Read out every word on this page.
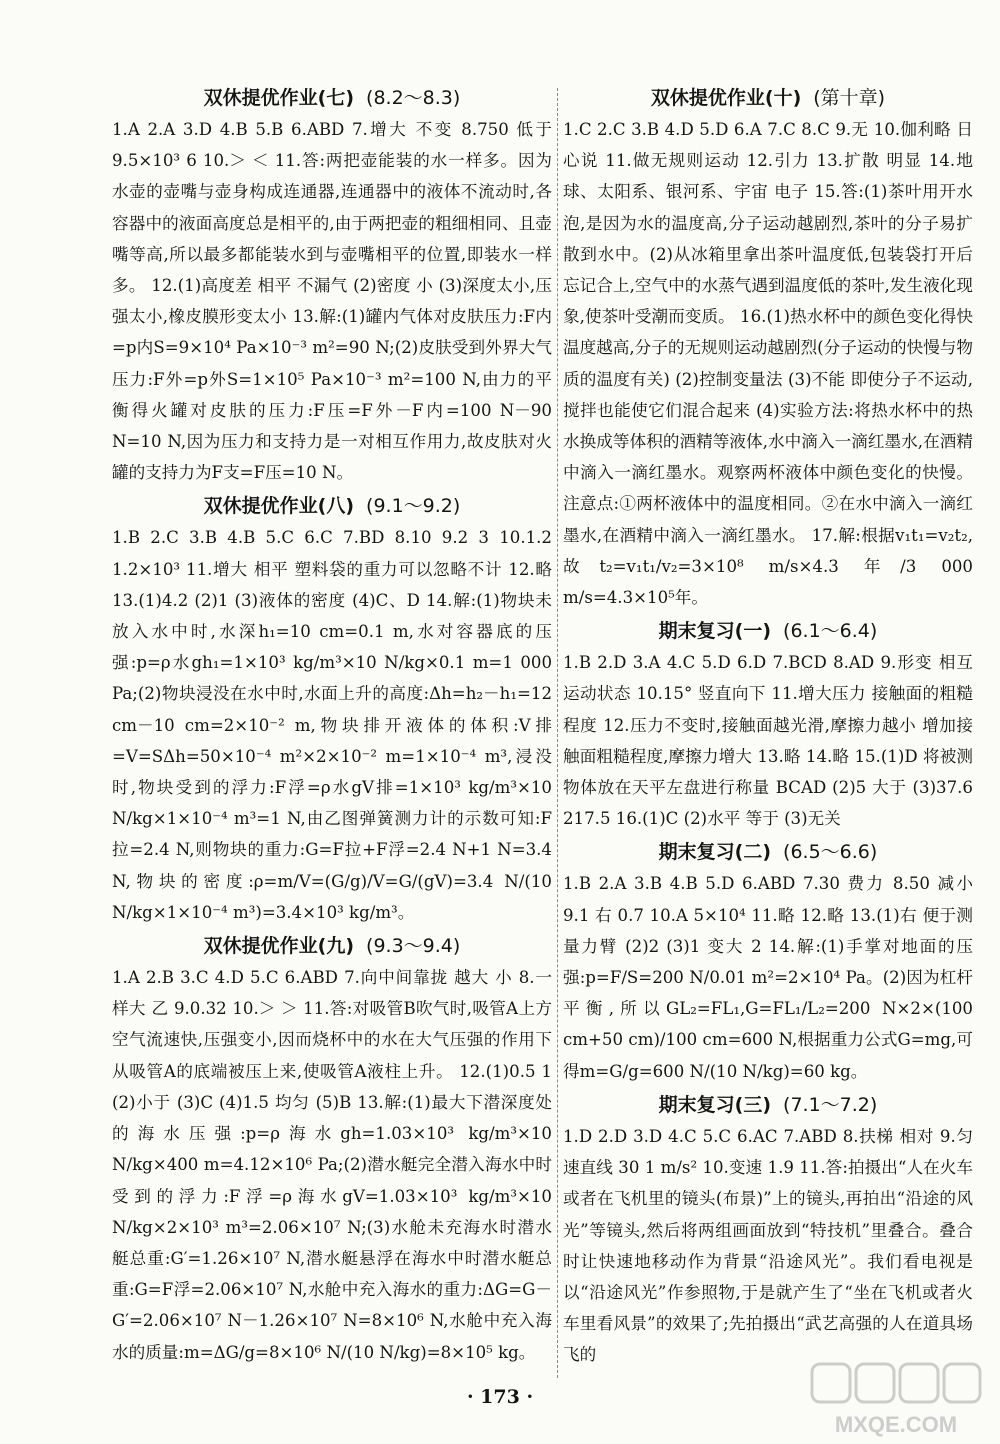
双休提优作业(七) (8.2～8.3)
1.A 2.A 3.D 4.B 5.B 6.ABD 7.增大 不变 8.750 低于 9.5×10³ 6 10.＞ ＜ 11.答:两把壶能装的水一样多。因为水壶的壶嘴与壶身构成连通器,连通器中的液体不流动时,各容器中的液面高度总是相平的,由于两把壶的粗细相同、且壶嘴等高,所以最多都能装水到与壶嘴相平的位置,即装水一样多。 12.(1)高度差 相平 不漏气 (2)密度 小 (3)深度太小,压强太小,橡皮膜形变太小 13.解:(1)罐内气体对皮肤压力:F内=p内S=9×10⁴ Pa×10⁻³ m²=90 N;(2)皮肤受到外界大气压力:F外=p外S=1×10⁵ Pa×10⁻³ m²=100 N,由力的平衡得火罐对皮肤的压力:F压=F外－F内=100 N－90 N=10 N,因为压力和支持力是一对相互作用力,故皮肤对火罐的支持力为F支=F压=10 N。
双休提优作业(八) (9.1～9.2)
1.B 2.C 3.B 4.B 5.C 6.C 7.BD 8.10 9.2 3 10.1.2 1.2×10³ 11.增大 相平 塑料袋的重力可以忽略不计 12.略 13.(1)4.2 (2)1 (3)液体的密度 (4)C、D 14.解:(1)物块未放入水中时,水深h₁=10 cm=0.1 m,水对容器底的压强:p=ρ水gh₁=1×10³ kg/m³×10 N/kg×0.1 m=1 000 Pa;(2)物块浸没在水中时,水面上升的高度:Δh=h₂－h₁=12 cm－10 cm=2×10⁻² m,物块排开液体的体积:V排=V=SΔh=50×10⁻⁴ m²×2×10⁻² m=1×10⁻⁴ m³,浸没时,物块受到的浮力:F浮=ρ水gV排=1×10³ kg/m³×10 N/kg×1×10⁻⁴ m³=1 N,由乙图弹簧测力计的示数可知:F拉=2.4 N,则物块的重力:G=F拉+F浮=2.4 N+1 N=3.4 N,物块的密度:ρ=m/V=(G/g)/V=G/(gV)=3.4 N/(10 N/kg×1×10⁻⁴ m³)=3.4×10³ kg/m³。
双休提优作业(九) (9.3～9.4)
1.A 2.B 3.C 4.D 5.C 6.ABD 7.向中间靠拢 越大 小 8.一样大 乙 9.0.32 10.＞ ＞ 11.答:对吸管B吹气时,吸管A上方空气流速快,压强变小,因而烧杯中的水在大气压强的作用下从吸管A的底端被压上来,使吸管A液柱上升。 12.(1)0.5 1 (2)小于 (3)C (4)1.5 均匀 (5)B 13.解:(1)最大下潜深度处的海水压强:p=ρ海水gh=1.03×10³ kg/m³×10 N/kg×400 m=4.12×10⁶ Pa;(2)潜水艇完全潜入海水中时受到的浮力:F浮=ρ海水gV=1.03×10³ kg/m³×10 N/kg×2×10³ m³=2.06×10⁷ N;(3)水舱未充海水时潜水艇总重:G′=1.26×10⁷ N,潜水艇悬浮在海水中时潜水艇总重:G=F浮=2.06×10⁷ N,水舱中充入海水的重力:ΔG=G－G′=2.06×10⁷ N－1.26×10⁷ N=8×10⁶ N,水舱中充入海水的质量:m=ΔG/g=8×10⁶ N/(10 N/kg)=8×10⁵ kg。
双休提优作业(十) (第十章)
1.C 2.C 3.B 4.D 5.D 6.A 7.C 8.C 9.无 10.伽利略 日心说 11.做无规则运动 12.引力 13.扩散 明显 14.地球、太阳系、银河系、宇宙 电子 15.答:(1)茶叶用开水泡,是因为水的温度高,分子运动越剧烈,茶叶的分子易扩散到水中。(2)从冰箱里拿出茶叶温度低,包装袋打开后忘记合上,空气中的水蒸气遇到温度低的茶叶,发生液化现象,使茶叶受潮而变质。 16.(1)热水杯中的颜色变化得快 温度越高,分子的无规则运动越剧烈(分子运动的快慢与物质的温度有关) (2)控制变量法 (3)不能 即使分子不运动,搅拌也能使它们混合起来 (4)实验方法:将热水杯中的热水换成等体积的酒精等液体,水中滴入一滴红墨水,在酒精中滴入一滴红墨水。观察两杯液体中颜色变化的快慢。注意点:①两杯液体中的温度相同。②在水中滴入一滴红墨水,在酒精中滴入一滴红墨水。 17.解:根据v₁t₁=v₂t₂,故t₂=v₁t₁/v₂=3×10⁸ m/s×4.3 年/3 000 m/s=4.3×10⁵年。
期末复习(一) (6.1～6.4)
1.B 2.D 3.A 4.C 5.D 6.D 7.BCD 8.AD 9.形变 相互 运动状态 10.15° 竖直向下 11.增大压力 接触面的粗糙程度 12.压力不变时,接触面越光滑,摩擦力越小 增加接触面粗糙程度,摩擦力增大 13.略 14.略 15.(1)D 将被测物体放在天平左盘进行称量 BCAD (2)5 大于 (3)37.6 217.5 16.(1)C (2)水平 等于 (3)无关
期末复习(二) (6.5～6.6)
1.B 2.A 3.B 4.B 5.D 6.ABD 7.30 费力 8.50 减小 9.1 右 0.7 10.A 5×10⁴ 11.略 12.略 13.(1)右 便于测量力臂 (2)2 (3)1 变大 2 14.解:(1)手掌对地面的压强:p=F/S=200 N/0.01 m²=2×10⁴ Pa。(2)因为杠杆平衡,所以GL₂=FL₁,G=FL₁/L₂=200 N×2×(100 cm+50 cm)/100 cm=600 N,根据重力公式G=mg,可得m=G/g=600 N/(10 N/kg)=60 kg。
期末复习(三) (7.1～7.2)
1.D 2.D 3.D 4.C 5.C 6.AC 7.ABD 8.扶梯 相对 9.匀速直线 30 1 m/s² 10.变速 1.9 11.答:拍摄出“人在火车或者在飞机里的镜头(布景)”上的镜头,再拍出“沿途的风光”等镜头,然后将两组画面放到“特技机”里叠合。叠合时让快速地移动作为背景“沿途风光”。我们看电视是以“沿途风光”作参照物,于是就产生了“坐在飞机或者火车里看风景”的效果了;先拍摄出“武艺高强的人在道具场飞的
· 173 ·
MXQE.COM
